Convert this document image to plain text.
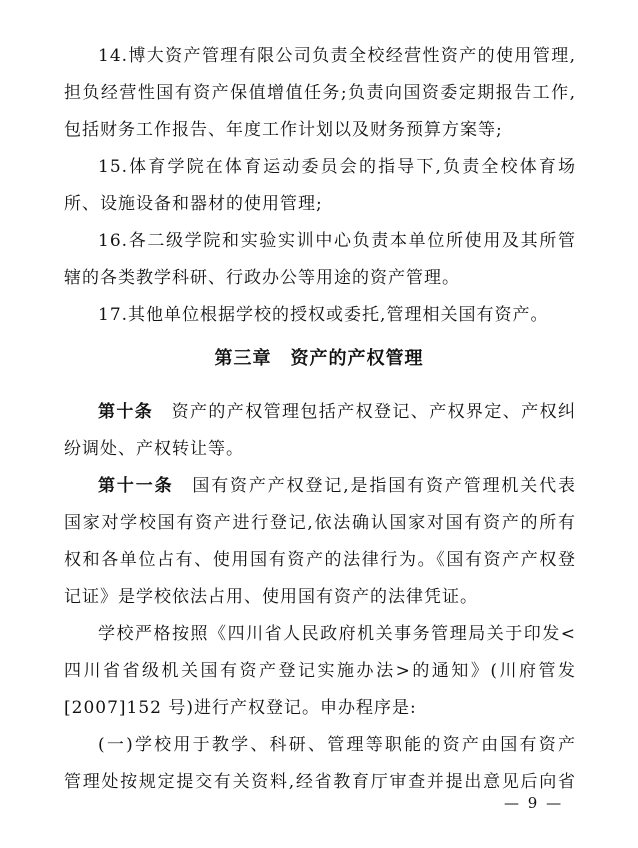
14.博大资产管理有限公司负责全校经营性资产的使用管理,
担负经营性国有资产保值增值任务;负责向国资委定期报告工作,
包括财务工作报告、年度工作计划以及财务预算方案等;
15.体育学院在体育运动委员会的指导下,负责全校体育场
所、设施设备和器材的使用管理;
16.各二级学院和实验实训中心负责本单位所使用及其所管
辖的各类教学科研、行政办公等用途的资产管理。
17.其他单位根据学校的授权或委托,管理相关国有资产。
第三章　资产的产权管理
第十条　资产的产权管理包括产权登记、产权界定、产权纠
纷调处、产权转让等。
第十一条　国有资产产权登记,是指国有资产管理机关代表
国家对学校国有资产进行登记,依法确认国家对国有资产的所有
权和各单位占有、使用国有资产的法律行为。《国有资产产权登
记证》是学校依法占用、使用国有资产的法律凭证。
学校严格按照《四川省人民政府机关事务管理局关于印发<
四川省省级机关国有资产登记实施办法>的通知》(川府管发
[2007]152 号)进行产权登记。申办程序是:
(一)学校用于教学、科研、管理等职能的资产由国有资产
管理处按规定提交有关资料,经省教育厅审查并提出意见后向省
— 9 —
